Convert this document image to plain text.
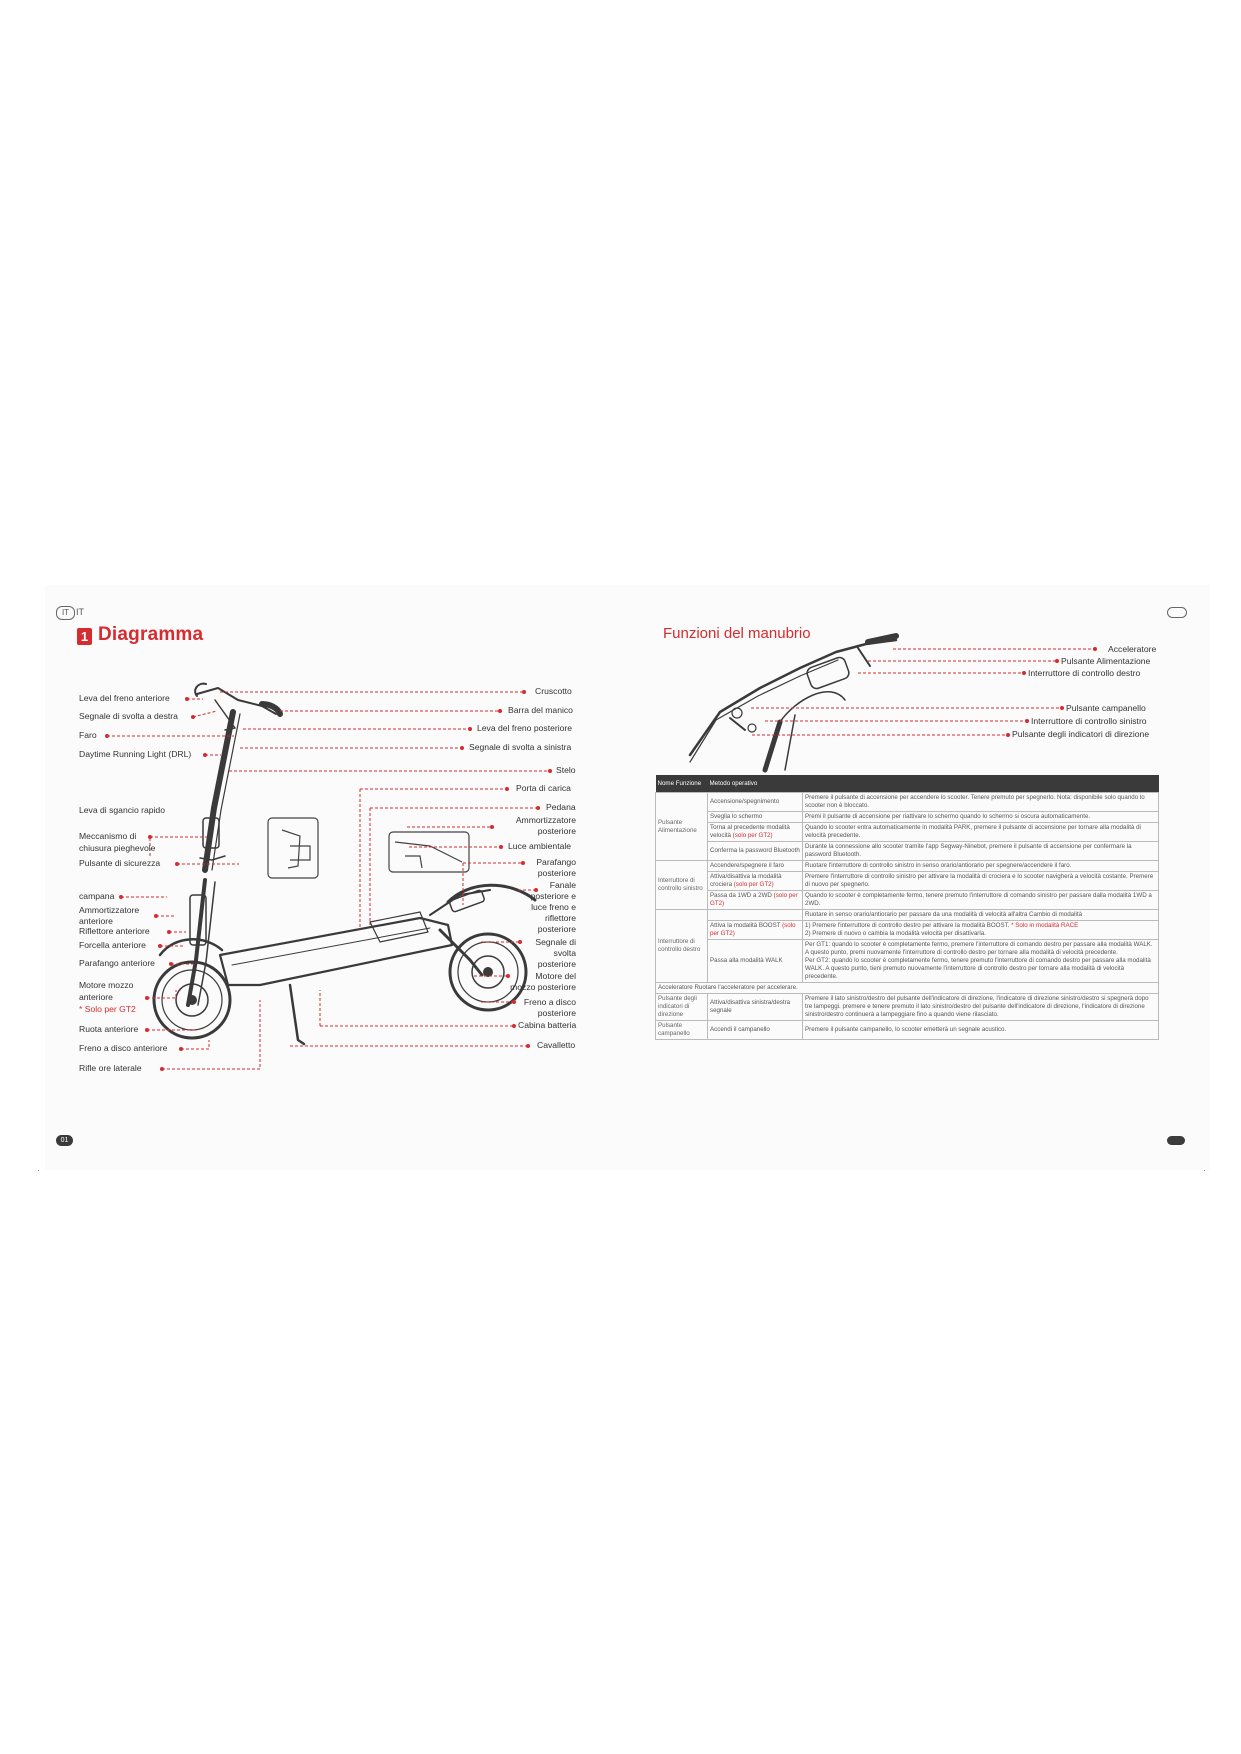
IT IT
01
1 Diagramma
Leva del freno anteriore
Segnale di svolta a destra
Faro
Daytime Running Light (DRL)
Leva di sgancio rapido
Meccanismo di
chiusura pieghevole
Pulsante di sicurezza
campana
Ammortizzatore
anteriore
Riflettore anteriore
Forcella anteriore
Parafango anteriore
Motore mozzo
anteriore
* Solo per GT2
Ruota anteriore
Freno a disco anteriore
Rifle ore laterale
Cruscotto
Barra del manico
Leva del freno posteriore
Segnale di svolta a sinistra
Stelo
Porta di carica
Pedana
Ammortizzatore
posteriore
Luce ambientale
Parafango
posteriore
Fanale
posteriore e
luce freno e
riflettore
posteriore
Segnale di
svolta
posteriore
Motore del
mozzo posteriore
Freno a disco
posteriore
Cabina batteria
Cavalletto
Funzioni del manubrio
Acceleratore
Pulsante Alimentazione
Interruttore di controllo destro
Pulsante campanello
Interruttore di controllo sinistro
Pulsante degli indicatori di direzione
Nome Funzione	Metodo operativo	
Pulsante Alimentazione	Accensione/spegnimento	Premere il pulsante di accensione per accendere lo scooter. Tenere premuto per spegnerlo. Nota: disponibile solo quando lo scooter non è bloccato.
	Sveglia lo schermo	Premi il pulsante di accensione per riattivare lo schermo quando lo schermo si oscura automaticamente.
	Torna al precedente modalità velocità (solo per GT2)	Quando lo scooter entra automaticamente in modalità PARK, premere il pulsante di accensione per tornare alla modalità di velocità precedente.
	Conferma la password Bluetooth	Durante la connessione allo scooter tramite l'app Segway-Ninebot, premere il pulsante di accensione per confermare la password Bluetooth.
Interruttore di controllo sinistro	Accendere/spegnere il faro	Ruotare l'interruttore di controllo sinistro in senso orario/antiorario per spegnere/accendere il faro.
	Attiva/disattiva la modalità crociera (solo per GT2)	Premere l'interruttore di controllo sinistro per attivare la modalità di crociera e lo scooter navigherà a velocità costante. Premere di nuovo per spegnerlo.
	Passa da 1WD a 2WD (solo per GT2)	Quando lo scooter è completamente fermo, tenere premuto l'interruttore di comando sinistro per passare dalla modalità 1WD a 2WD.
Interruttore di controllo destro		Ruotare in senso orario/antiorario per passare da una modalità di velocità all'altra Cambio di modalità
	Attiva la modalità BOOST (solo per GT2)	1) Premere l'interruttore di controllo destro per attivare la modalità BOOST. * Solo in modalità RACE
2) Premere di nuovo o cambia la modalità velocità per disattivarla.
	Passa alla modalità WALK	Per GT1: quando lo scooter è completamente fermo, premere l'interruttore di comando destro per passare alla modalità WALK. A questo punto, premi nuovamente l'interruttore di controllo destro per tornare alla modalità di velocità precedente.
Per GT2: quando lo scooter è completamente fermo, tenere premuto l'interruttore di comando destro per passare alla modalità WALK. A questo punto, tieni premuto nuovamente l'interruttore di controllo destro per tornare alla modalità di velocità precedente.
Acceleratore Ruotare l'acceleratore per accelerare.		
Pulsante degli indicatori di direzione	Attiva/disattiva sinistra/destra segnale	Premere il lato sinistro/destro del pulsante dell'indicatore di direzione, l'indicatore di direzione sinistro/destro si spegnerà dopo tre lampeggi. premere e tenere premuto il lato sinistro/destro del pulsante dell'indicatore di direzione, l'indicatore di direzione sinistro/destro continuerà a lampeggiare fino a quando viene rilasciato.
Pulsante campanello	Accendi il campanello	Premere il pulsante campanello, lo scooter emetterà un segnale acustico.
